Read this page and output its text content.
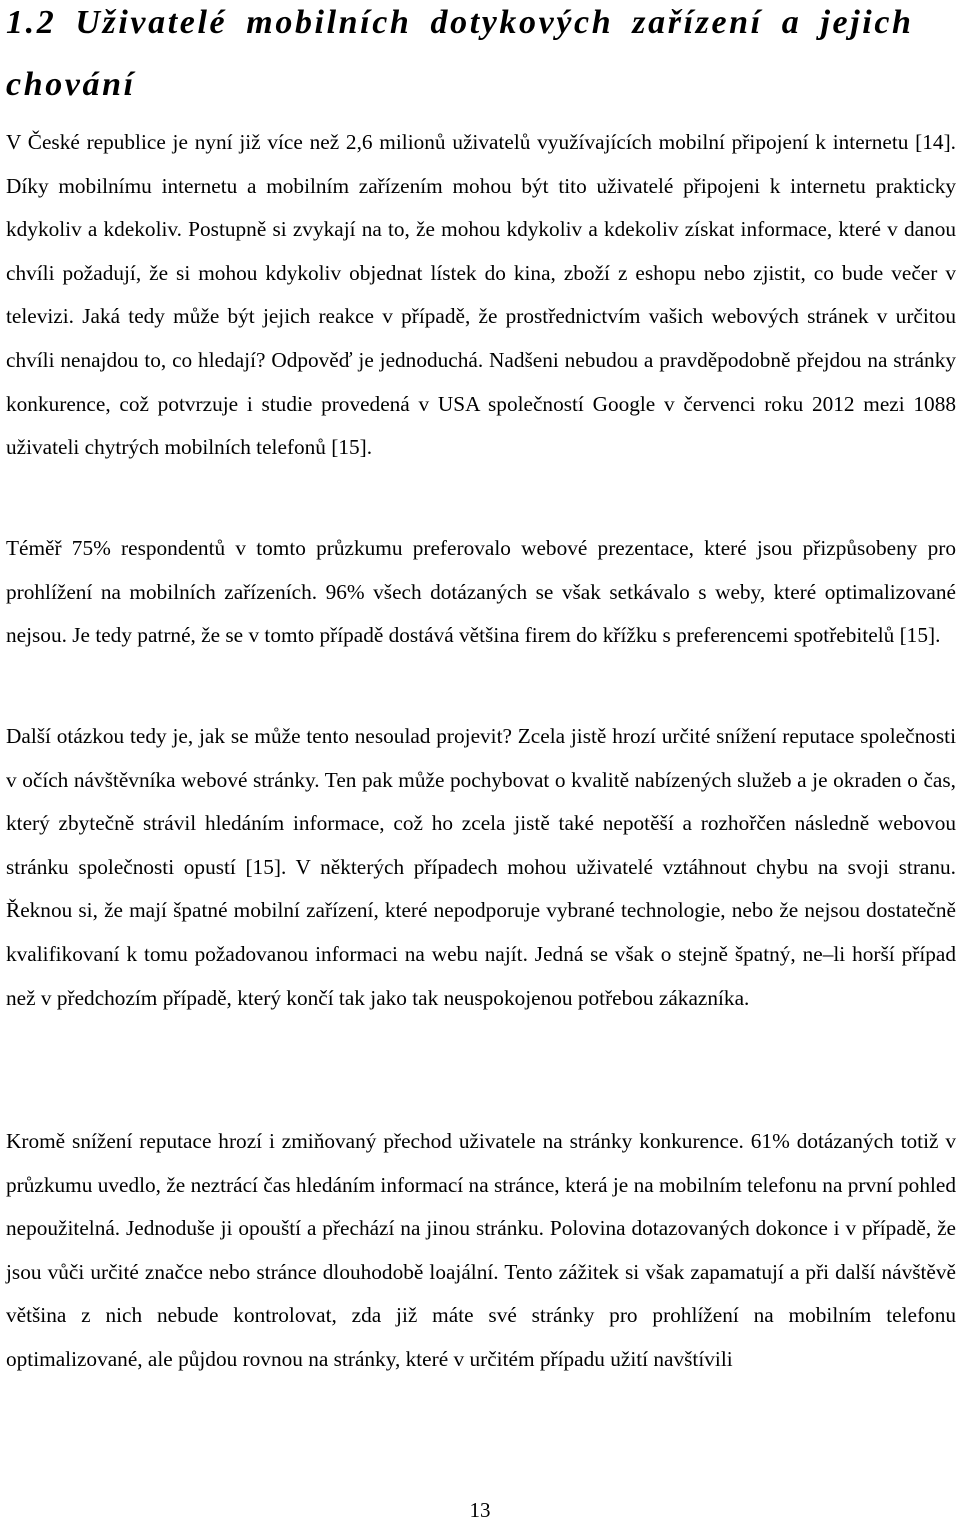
1.2 Uživatelé mobilních dotykových zařízení a jejich chování

V České republice je nyní již více než 2,6 milionů uživatelů využívajících mobilní připojení k internetu [14]. Díky mobilnímu internetu a mobilním zařízením mohou být tito uživatelé připojeni k internetu prakticky kdykoliv a kdekoliv. Postupně si zvykají na to, že mohou kdykoliv a kdekoliv získat informace, které v danou chvíli požadují, že si mohou kdykoliv objednat lístek do kina, zboží z eshopu nebo zjistit, co bude večer v televizi. Jaká tedy může být jejich reakce v případě, že prostřednictvím vašich webových stránek v určitou chvíli nenajdou to, co hledají? Odpověď je jednoduchá. Nadšeni nebudou a pravděpodobně přejdou na stránky konkurence, což potvrzuje i studie provedená v USA společností Google v červenci roku 2012 mezi 1088 uživateli chytrých mobilních telefonů [15].

Téměř 75% respondentů v tomto průzkumu preferovalo webové prezentace, které jsou přizpůsobeny pro prohlížení na mobilních zařízeních. 96% všech dotázaných se však setkávalo s weby, které optimalizované nejsou. Je tedy patrné, že se v tomto případě dostává většina firem do křížku s preferencemi spotřebitelů [15].

Další otázkou tedy je, jak se může tento nesoulad projevit? Zcela jistě hrozí určité snížení reputace společnosti v očích návštěvníka webové stránky. Ten pak může pochybovat o kvalitě nabízených služeb a je okraden o čas, který zbytečně strávil hledáním informace, což ho zcela jistě také nepotěší a rozhořčen následně webovou stránku společnosti opustí [15]. V některých případech mohou uživatelé vztáhnout chybu na svoji stranu. Řeknou si, že mají špatné mobilní zařízení, které nepodporuje vybrané technologie, nebo že nejsou dostatečně kvalifikovaní k tomu požadovanou informaci na webu najít. Jedná se však o stejně špatný, ne–li horší případ než v předchozím případě, který končí tak jako tak neuspokojenou potřebou zákazníka.

Kromě snížení reputace hrozí i zmiňovaný přechod uživatele na stránky konkurence. 61% dotázaných totiž v průzkumu uvedlo, že neztrácí čas hledáním informací na stránce, která je na mobilním telefonu na první pohled nepoužitelná. Jednoduše ji opouští a přechází na jinou stránku. Polovina dotazovaných dokonce i v případě, že jsou vůči určité značce nebo stránce dlouhodobě loajální. Tento zážitek si však zapamatují a při další návštěvě většina z nich nebude kontrolovat, zda již máte své stránky pro prohlížení na mobilním telefonu optimalizované, ale půjdou rovnou na stránky, které v určitém případu užití navštívili

13
